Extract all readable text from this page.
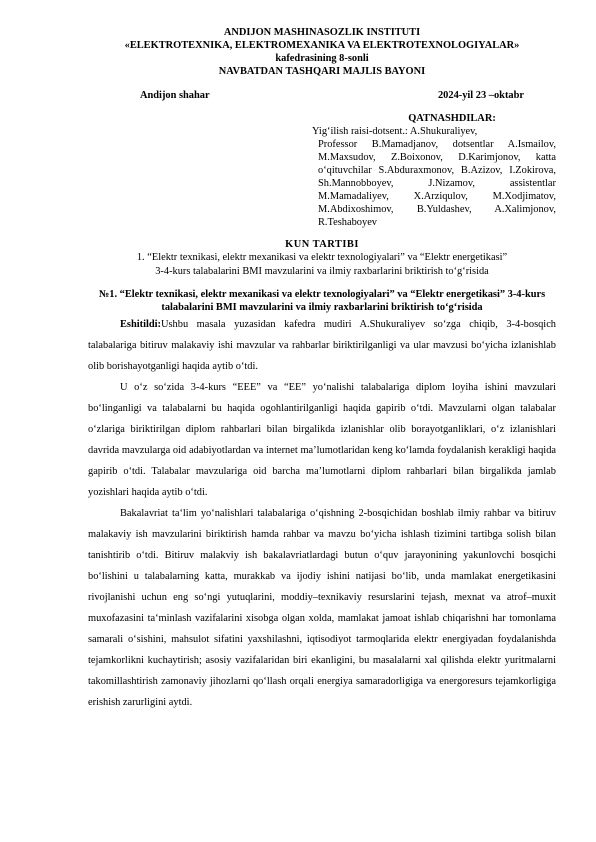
ANDIJON MASHINASOZLIK INSTITUTI
«ELEKTROTEXNIKA, ELEKTROMEXANIKA VA ELEKTROTEXNOLOGIYALAR»
kafedrasining 8-sonli
NAVBATDAN TASHQARI MAJLIS BAYONI
Andijon shahar	2024-yil 23 –oktabr
QATNASHDILAR:
Yig‘ilish raisi-dotsent.: A.Shukuraliyev,
Professor B.Mamadjanov, dotsentlar A.Ismailov, M.Maxsudov, Z.Boixonov, D.Karimjonov, katta o‘qituvchilar S.Abduraxmonov, B.Azizov, I.Zokirova, Sh.Mannobboyev, J.Nizamov, assistentlar M.Mamadaliyev, X.Arziqulov, M.Xodjimatov, M.Abdixoshimov, B.Yuldashev, A.Xalimjonov, R.Teshaboyev
KUN TARTIBI
1. “Elektr texnikasi, elektr mexanikasi va elektr texnologiyalari” va “Elektr energetikasi”
3-4-kurs talabalarini BMI mavzularini va ilmiy raxbarlarini briktirish to‘g‘risida
№1. “Elektr texnikasi, elektr mexanikasi va elektr texnologiyalari” va “Elektr energetikasi” 3-4-kurs talabalarini BMI mavzularini va ilmiy raxbarlarini briktirish to‘g‘risida

Eshitildi:Ushbu masala yuzasidan kafedra mudiri A.Shukuraliyev so‘zga chiqib, 3-4-bosqich talabalariga bitiruv malakaviy ishi mavzular va rahbarlar biriktirilganligi va ular mavzusi bo‘yicha izlanishlab olib borishayotganligi haqida aytib o‘tdi.

U o‘z so‘zida 3-4-kurs “EEE” va “EE” yo‘nalishi talabalariga diplom loyiha ishini mavzulari bo‘linganligi va talabalarni bu haqida ogohlantirilganligi haqida gapirib o‘tdi. Mavzularni olgan talabalar o‘zlariga biriktirilgan diplom rahbarlari bilan birgalikda izlanishlar olib borayotganliklari, o‘z izlanishlari davrida mavzularga oid adabiyotlardan va internet ma’lumotlaridan keng ko‘lamda foydalanish kerakligi haqida gapirib o‘tdi. Talabalar mavzulariga oid barcha ma’lumotlarni diplom rahbarlari bilan birgalikda jamlab yozishlari haqida aytib o‘tdi.

Bakalavriat ta‘lim yo‘nalishlari talabalariga o‘qishning 2-bosqichidan boshlab ilmiy rahbar va bitiruv malakaviy ish mavzularini biriktirish hamda rahbar va mavzu bo‘yicha ishlash tizimini tartibga solish bilan tanishtirib o‘tdi. Bitiruv malakviy ish bakalavriatlardagi butun o‘quv jarayonining yakunlovchi bosqichi bo‘lishini u talabalarning katta, murakkab va ijodiy ishini natijasi bo‘lib, unda mamlakat energetikasini rivojlanishi uchun eng so‘ngi yutuqlarini, moddiy–texnikaviy resurslarini tejash, mexnat va atrof–muxit muxofazasini ta‘minlash vazifalarini xisobga olgan xolda, mamlakat jamoat ishlab chiqarishni har tomonlama samarali o‘sishini, mahsulot sifatini yaxshilashni, iqtisodiyot tarmoqlarida elektr energiyadan foydalanishda tejamkorlikni kuchaytirish; asosiy vazifalaridan biri ekanligini, bu masalalarni xal qilishda elektr yuritmalarni takomillashtirish zamonaviy jihozlarni qo‘llash orqali energiya samaradorligiga va energoresurs tejamkorligiga erishish zarurligini aytdi.
